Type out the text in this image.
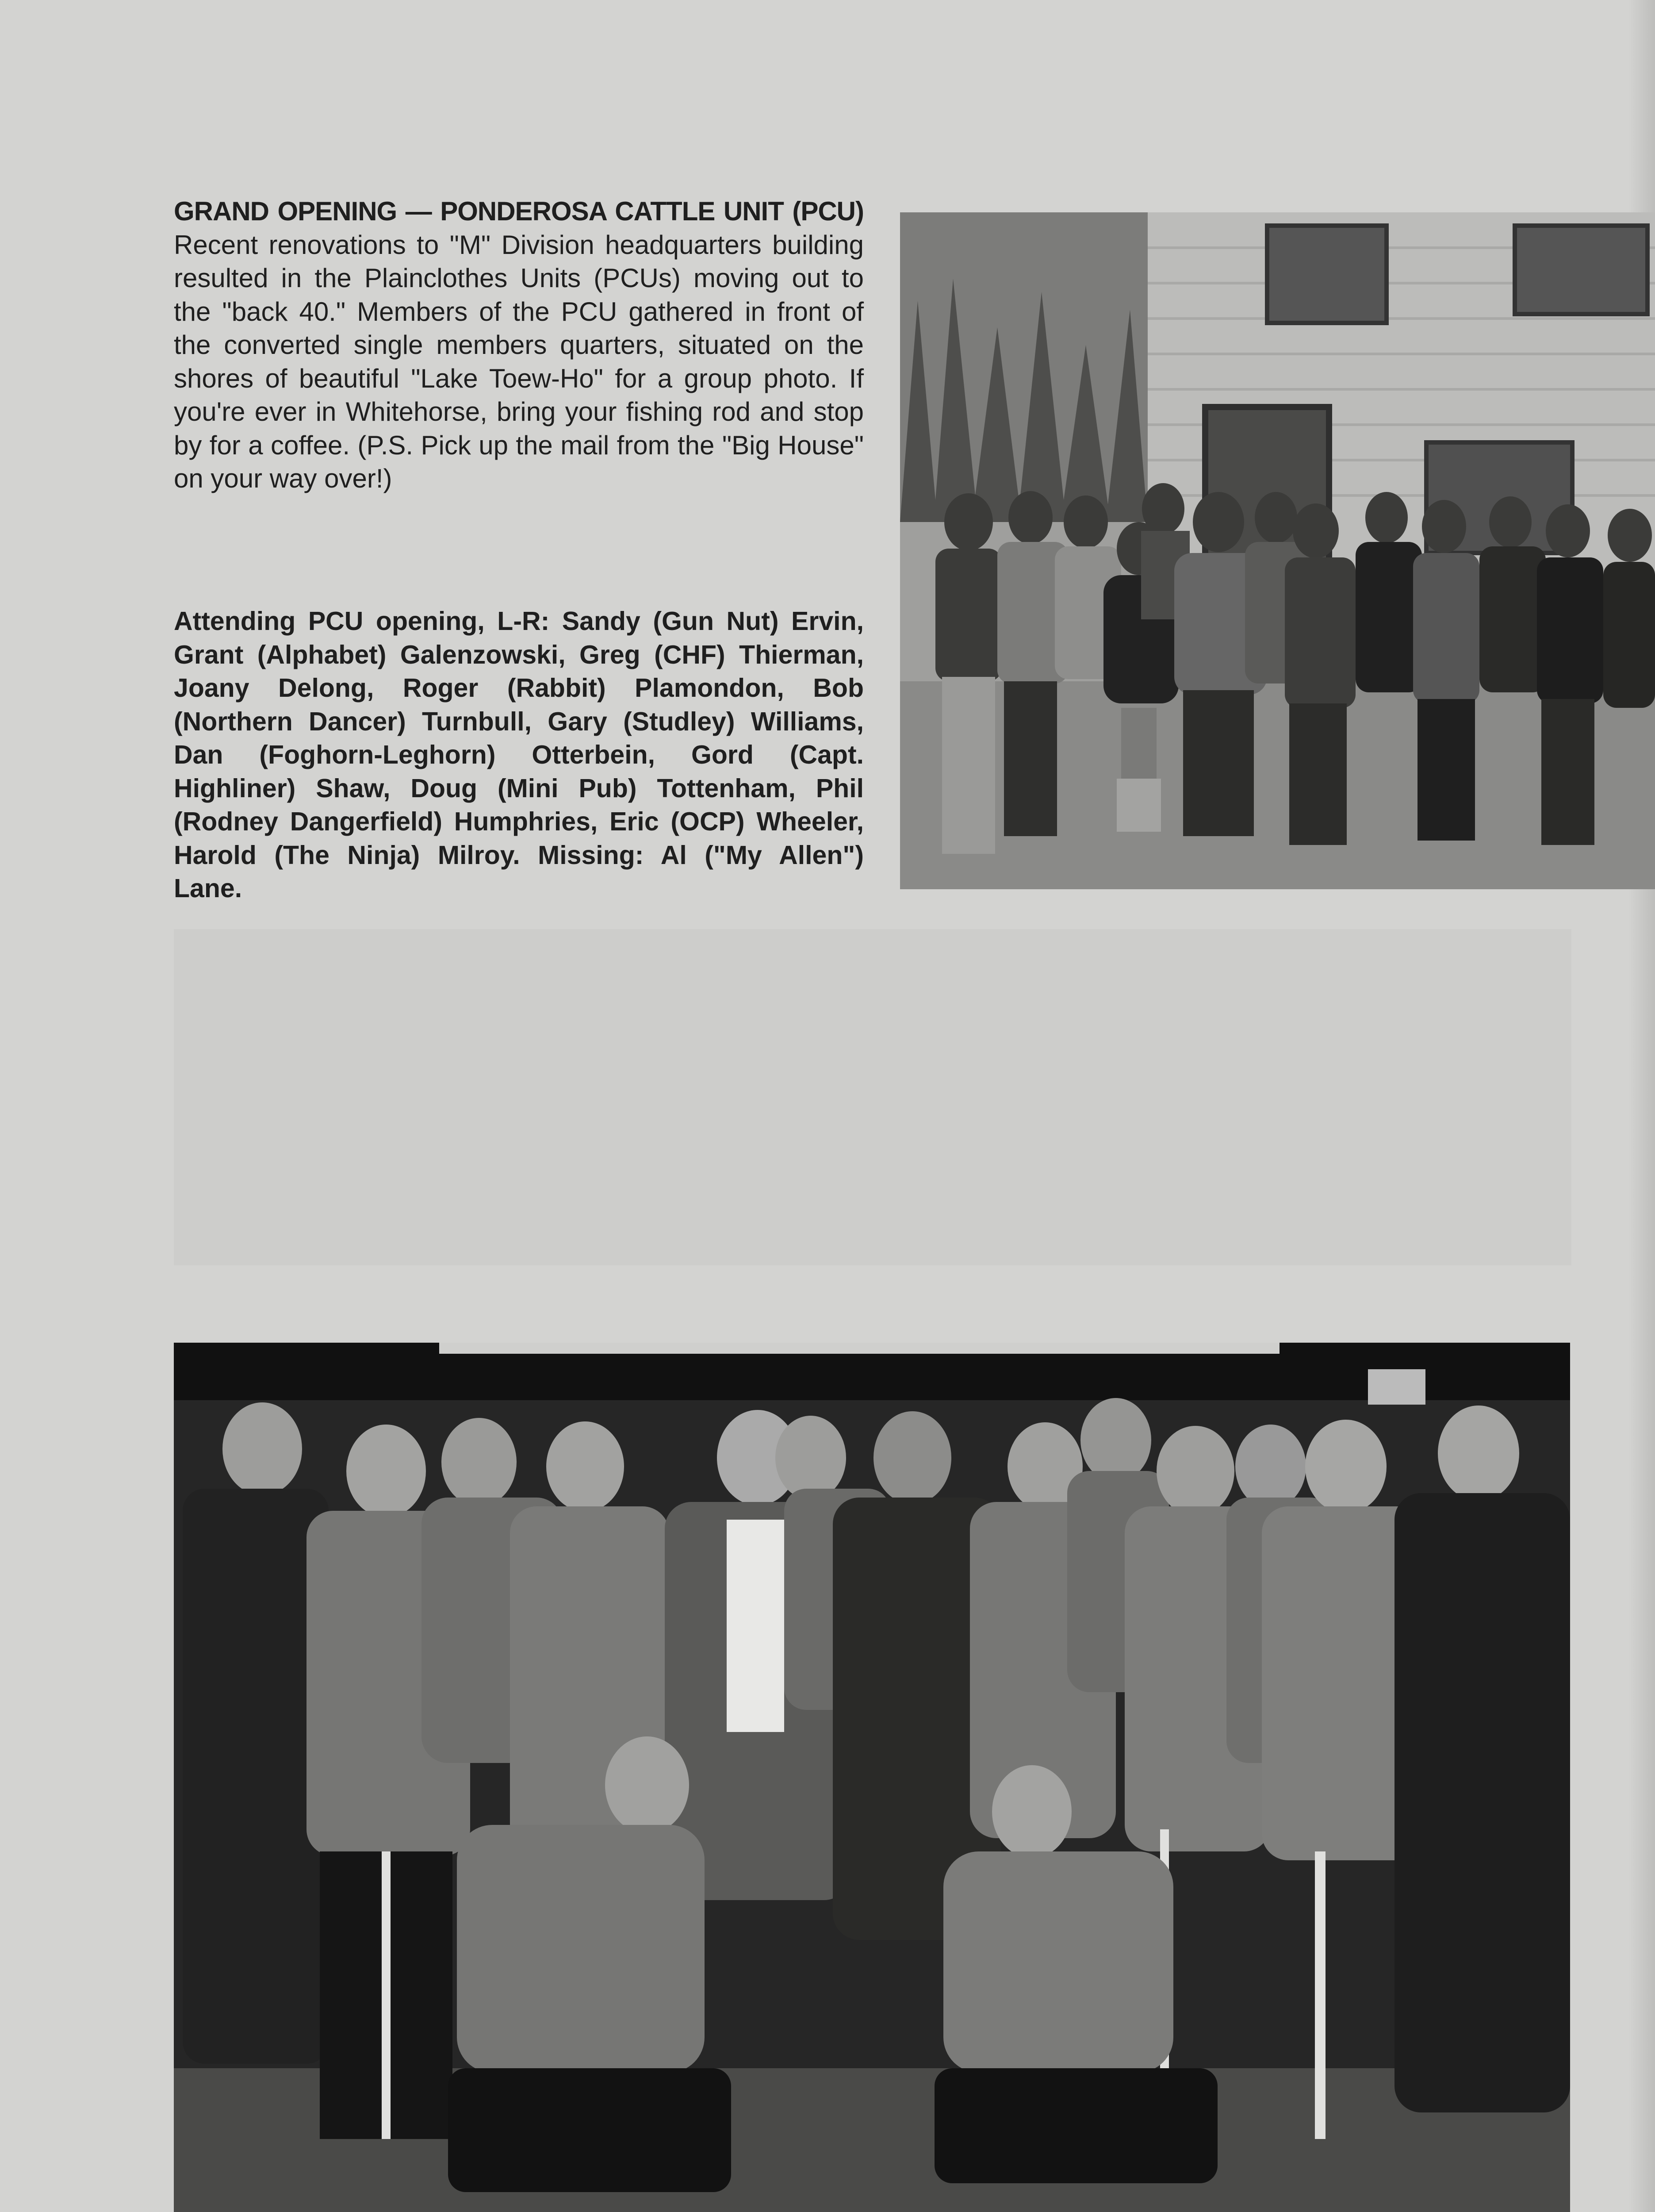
GRAND OPENING — PONDEROSA CATTLE UNIT (PCU) Recent renovations to "M" Division headquarters building resulted in the Plainclothes Units (PCUs) moving out to the "back 40." Members of the PCU gathered in front of the converted single members quarters, situated on the shores of beautiful "Lake Toew-Ho" for a group photo. If you're ever in Whitehorse, bring your fishing rod and stop by for a coffee. (P.S. Pick up the mail from the "Big House" on your way over!)
Attending PCU opening, L-R: Sandy (Gun Nut) Ervin, Grant (Alphabet) Galenzowski, Greg (CHF) Thierman, Joany Delong, Roger (Rabbit) Plamondon, Bob (Northern Dancer) Turnbull, Gary (Studley) Williams, Dan (Foghorn-Leghorn) Otterbein, Gord (Capt. Highliner) Shaw, Doug (Mini Pub) Tottenham, Phil (Rodney Dangerfield) Humphries, Eric (OCP) Wheeler, Harold (The Ninja) Milroy. Missing: Al ("My Allen") Lane.
